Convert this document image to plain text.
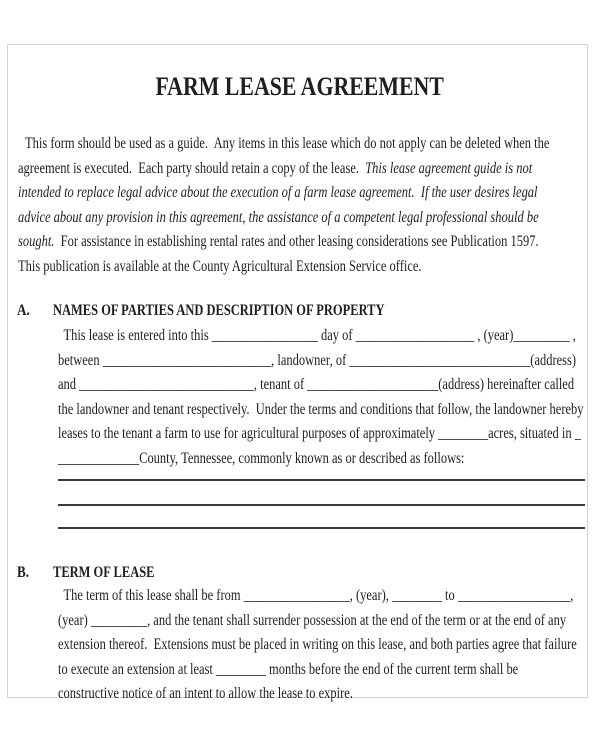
FARM LEASE AGREEMENT
This form should be used as a guide.  Any items in this lease which do not apply can be deleted when the
agreement is executed.  Each party should retain a copy of the lease.  This lease agreement guide is not
intended to replace legal advice about the execution of a farm lease agreement.  If the user desires legal
advice about any provision in this agreement, the assistance of a competent legal professional should be
sought.  For assistance in establishing rental rates and other leasing considerations see Publication 1597.
This publication is available at the County Agricultural Extension Service office.
A.	NAMES OF PARTIES AND DESCRIPTION OF PROPERTY
This lease is entered into this _________________ day of ___________________ , (year)_________ ,
between ___________________________, landowner, of _____________________________(address)
and ____________________________, tenant of _____________________(address) hereinafter called
the landowner and tenant respectively.  Under the terms and conditions that follow, the landowner hereby
leases to the tenant a farm to use for agricultural purposes of approximately ________acres, situated in _
_____________County, Tennessee, commonly known as or described as follows:
B.	TERM OF LEASE
The term of this lease shall be from _________________, (year), ________ to __________________,
(year) _________, and the tenant shall surrender possession at the end of the term or at the end of any
extension thereof.  Extensions must be placed in writing on this lease, and both parties agree that failure
to execute an extension at least ________ months before the end of the current term shall be
constructive notice of an intent to allow the lease to expire.
